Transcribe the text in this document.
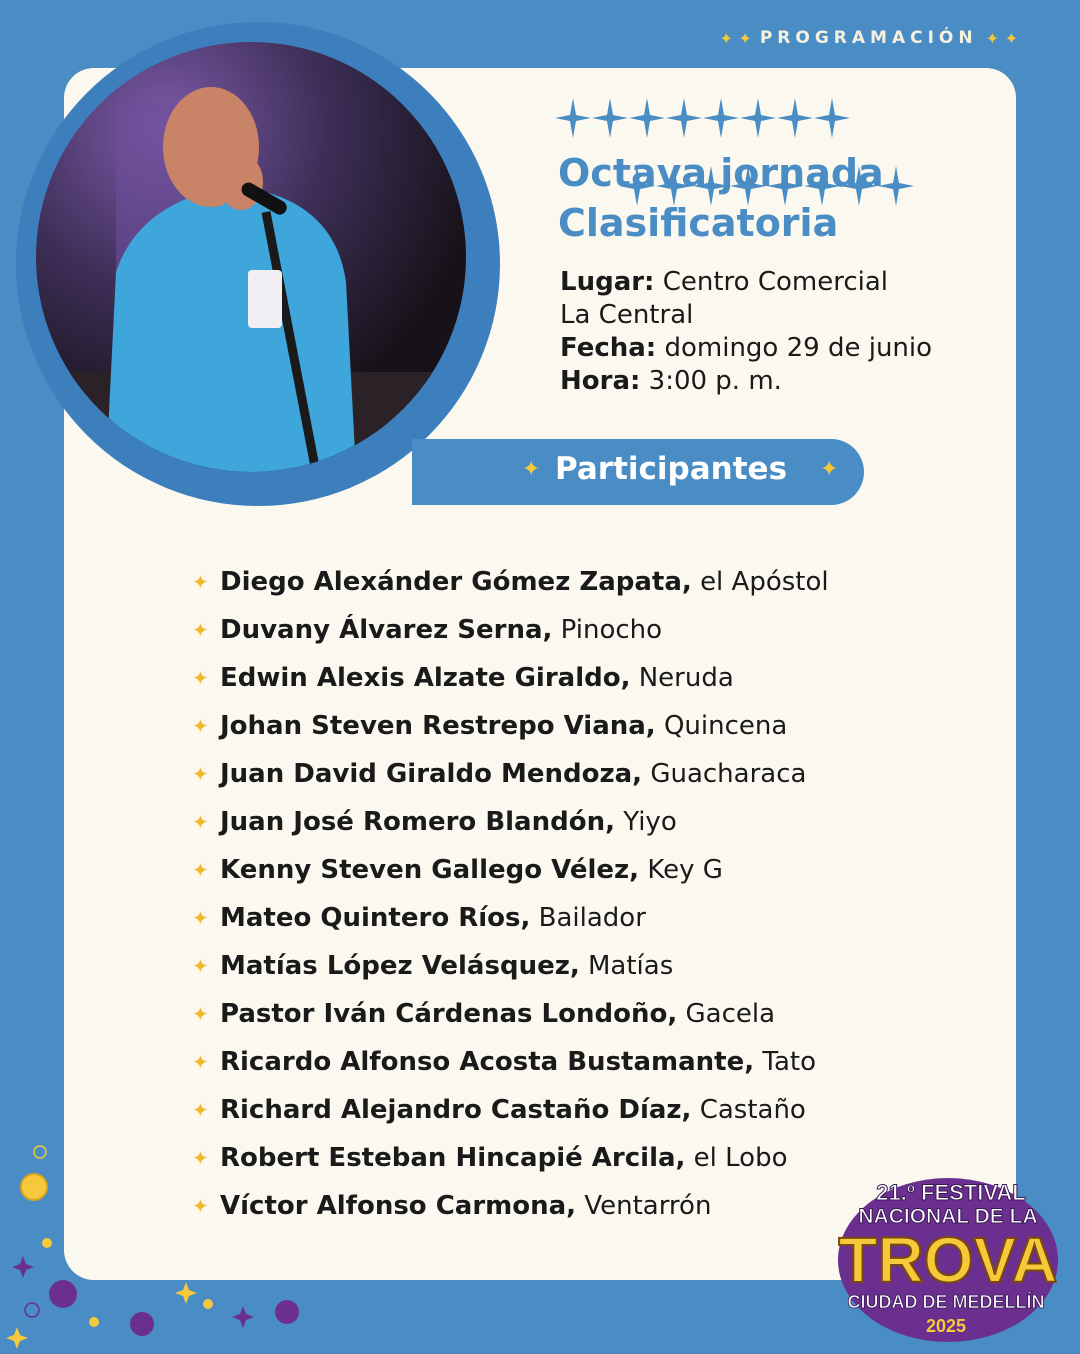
✦ ✦ PROGRAMACIÓN ✦ ✦
Octava jornada
Clasificatoria
Lugar: Centro Comercial
La Central
Fecha: domingo 29 de junio
Hora: 3:00 p. m.
✦ Participantes ✦
✦ Diego Alexánder Gómez Zapata,
el Apóstol
✦ Duvany Álvarez Serna,
Pinocho
✦ Edwin Alexis Alzate Giraldo,
Neruda
✦ Johan Steven Restrepo Viana,
Quincena
✦ Juan David Giraldo Mendoza,
Guacharaca
✦ Juan José Romero Blandón,
Yiyo
✦ Kenny Steven Gallego Vélez,
Key G
✦ Mateo Quintero Ríos,
Bailador
✦ Matías López Velásquez,
Matías
✦ Pastor Iván Cárdenas Londoño,
Gacela
✦ Ricardo Alfonso Acosta Bustamante,
Tato
✦ Richard Alejandro Castaño Díaz,
Castaño
✦ Robert Esteban Hincapié Arcila,
el Lobo
✦ Víctor Alfonso Carmona,
Ventarrón	21.º FESTIVAL
NACIONAL DE LA
TROVA
CIUDAD DE MEDELLÍN
2025
